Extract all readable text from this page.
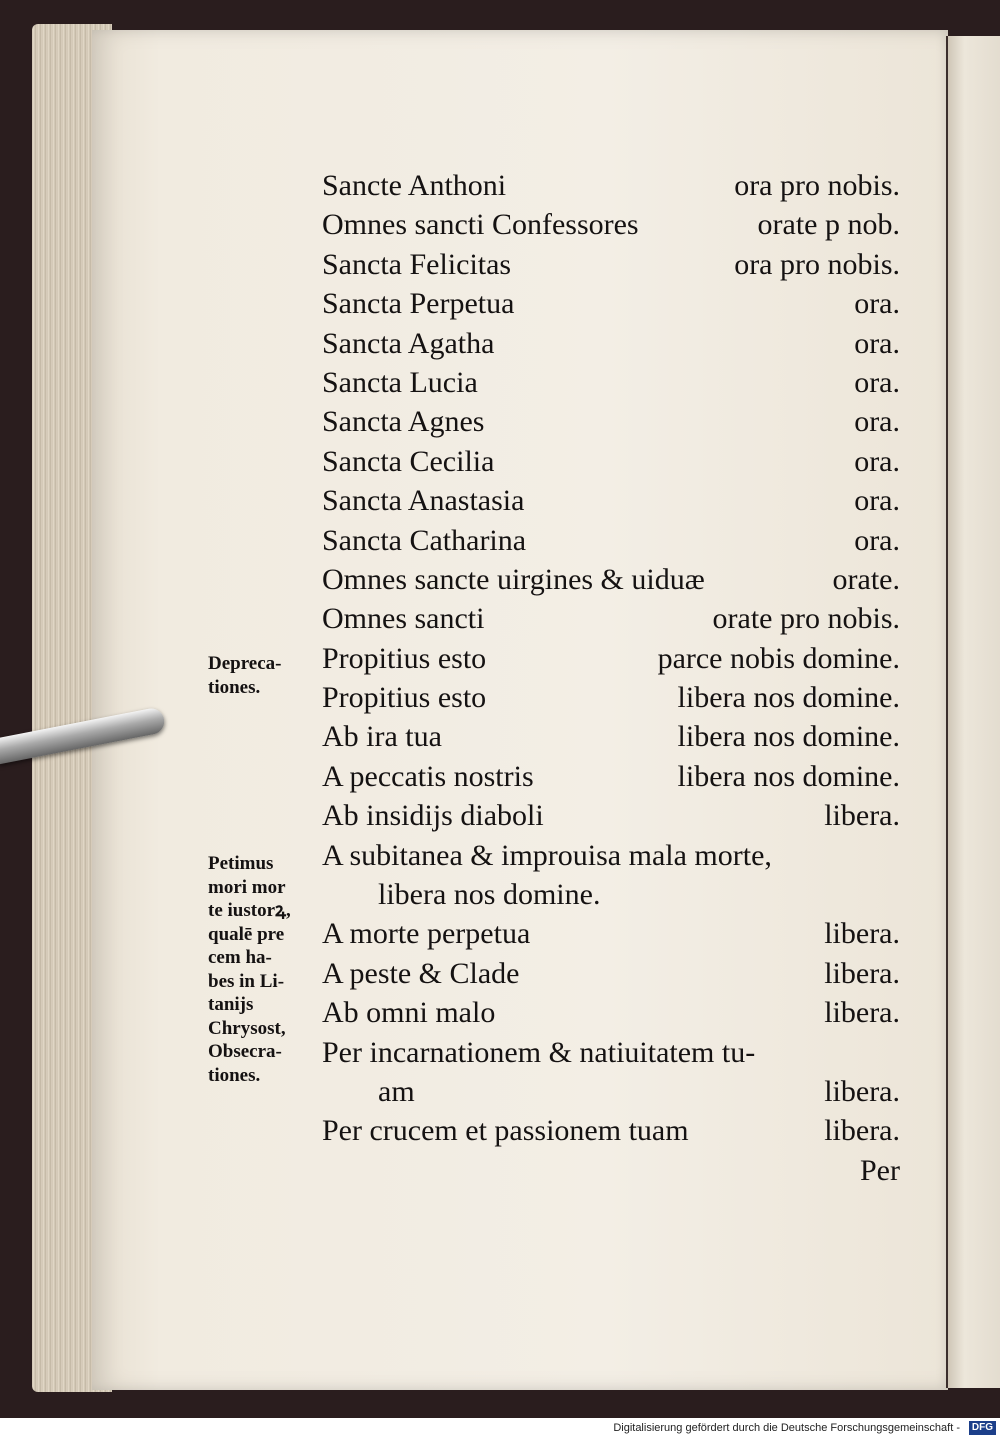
Sancte Anthoni	ora pro nobis.
Omnes sancti Confessores	orate p nob.
Sancta Felicitas	ora pro nobis.
Sancta Perpetua	ora.
Sancta Agatha	ora.
Sancta Lucia	ora.
Sancta Agnes	ora.
Sancta Cecilia	ora.
Sancta Anastasia	ora.
Sancta Catharina	ora.
Omnes sancte uirgines & uiduæ	orate.
Omnes sancti	orate pro nobis.
Propitius esto	parce nobis domine.
Propitius esto	libera nos domine.
Ab ira tua	libera nos domine.
A peccatis nostris	libera nos domine.
Ab insidijs diaboli	libera.
A subitanea & improuisa mala morte,
libera nos domine.
A morte perpetua	libera.
A peste & Clade	libera.
Ab omni malo	libera.
Per incarnationem & natiuitatem tu-
am	libera.
Per crucem et passionem tuam	libera.
Per
Depreca-
tiones.
Petimus
mori mor
te iustorꝝ,
qualē pre
cem ha-
bes in Li-
tanijs
Chrysost,
Obsecra-
tiones.
Digitalisierung gefördert durch die Deutsche Forschungsgemeinschaft -	DFG
